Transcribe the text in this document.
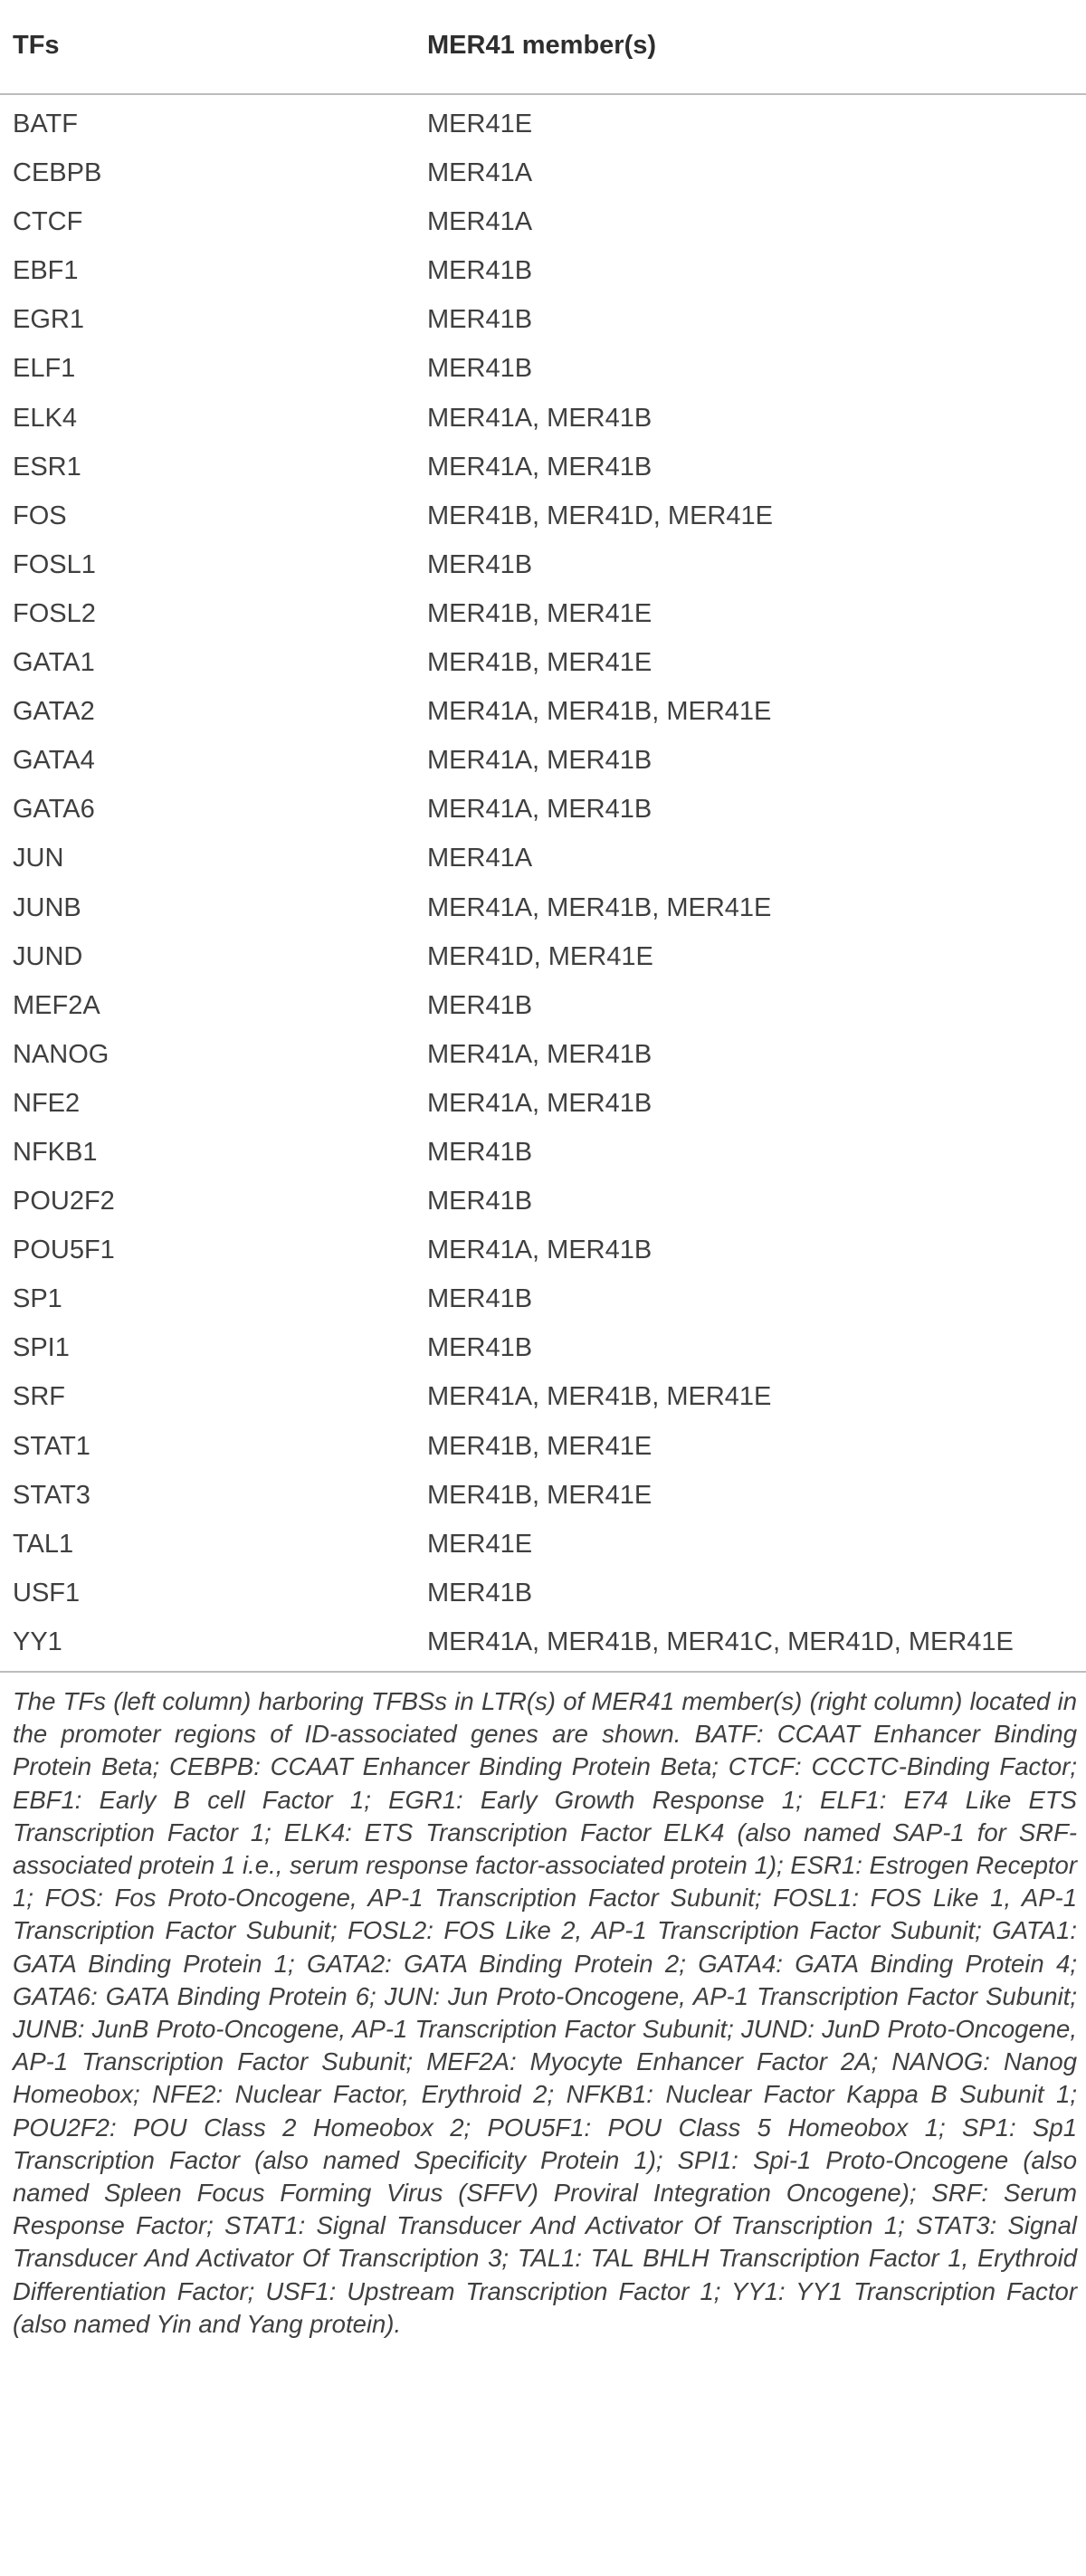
TFs	MER41 member(s)
BATF	MER41E
CEBPB	MER41A
CTCF	MER41A
EBF1	MER41B
EGR1	MER41B
ELF1	MER41B
ELK4	MER41A, MER41B
ESR1	MER41A, MER41B
FOS	MER41B, MER41D, MER41E
FOSL1	MER41B
FOSL2	MER41B, MER41E
GATA1	MER41B, MER41E
GATA2	MER41A, MER41B, MER41E
GATA4	MER41A, MER41B
GATA6	MER41A, MER41B
JUN	MER41A
JUNB	MER41A, MER41B, MER41E
JUND	MER41D, MER41E
MEF2A	MER41B
NANOG	MER41A, MER41B
NFE2	MER41A, MER41B
NFKB1	MER41B
POU2F2	MER41B
POU5F1	MER41A, MER41B
SP1	MER41B
SPI1	MER41B
SRF	MER41A, MER41B, MER41E
STAT1	MER41B, MER41E
STAT3	MER41B, MER41E
TAL1	MER41E
USF1	MER41B
YY1	MER41A, MER41B, MER41C, MER41D, MER41E

The TFs (left column) harboring TFBSs in LTR(s) of MER41 member(s) (right column) located in the promoter regions of ID-associated genes are shown. BATF: CCAAT Enhancer Binding Protein Beta; CEBPB: CCAAT Enhancer Binding Protein Beta; CTCF: CCCTC-Binding Factor; EBF1: Early B cell Factor 1; EGR1: Early Growth Response 1; ELF1: E74 Like ETS Transcription Factor 1; ELK4: ETS Transcription Factor ELK4 (also named SAP-1 for SRF-associated protein 1 i.e., serum response factor-associated protein 1); ESR1: Estrogen Receptor 1; FOS: Fos Proto-Oncogene, AP-1 Transcription Factor Subunit; FOSL1: FOS Like 1, AP-1 Transcription Factor Subunit; FOSL2: FOS Like 2, AP-1 Transcription Factor Subunit; GATA1: GATA Binding Protein 1; GATA2: GATA Binding Protein 2; GATA4: GATA Binding Protein 4; GATA6: GATA Binding Protein 6; JUN: Jun Proto-Oncogene, AP-1 Transcription Factor Subunit; JUNB: JunB Proto-Oncogene, AP-1 Transcription Factor Subunit; JUND: JunD Proto-Oncogene, AP-1 Transcription Factor Subunit; MEF2A: Myocyte Enhancer Factor 2A; NANOG: Nanog Homeobox; NFE2: Nuclear Factor, Erythroid 2; NFKB1: Nuclear Factor Kappa B Subunit 1; POU2F2: POU Class 2 Homeobox 2; POU5F1: POU Class 5 Homeobox 1; SP1: Sp1 Transcription Factor (also named Specificity Protein 1); SPI1: Spi-1 Proto-Oncogene (also named Spleen Focus Forming Virus (SFFV) Proviral Integration Oncogene); SRF: Serum Response Factor; STAT1: Signal Transducer And Activator Of Transcription 1; STAT3: Signal Transducer And Activator Of Transcription 3; TAL1: TAL BHLH Transcription Factor 1, Erythroid Differentiation Factor; USF1: Upstream Transcription Factor 1; YY1: YY1 Transcription Factor (also named Yin and Yang protein).
